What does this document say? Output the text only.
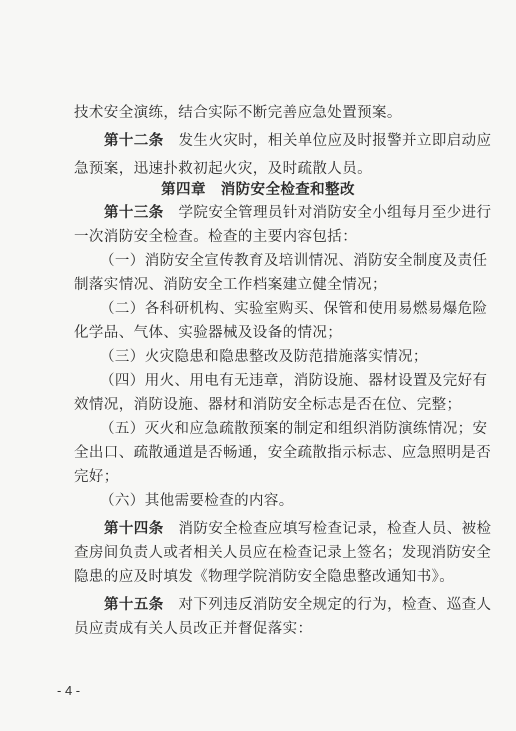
技术安全演练，结合实际不断完善应急处置预案。
第十二条　 发生火灾时，相关单位应及时报警并立即启动应
急预案，迅速扑救初起火灾，及时疏散人员。
第四章　消防安全检查和整改
第十三条　 学院安全管理员针对消防安全小组每月至少进行
一次消防安全检查。检查的主要内容包括：
（一）消防安全宣传教育及培训情况、消防安全制度及责任
制落实情况、消防安全工作档案建立健全情况；
（二）各科研机构、实验室购买、保管和使用易燃易爆危险
化学品、气体、实验器械及设备的情况；
（三）火灾隐患和隐患整改及防范措施落实情况；
（四）用火、用电有无违章，消防设施、器材设置及完好有
效情况，消防设施、器材和消防安全标志是否在位、完整；
（五）灭火和应急疏散预案的制定和组织消防演练情况；安
全出口、疏散通道是否畅通，安全疏散指示标志、应急照明是否
完好；
（六）其他需要检查的内容。
第十四条　 消防安全检查应填写检查记录，检查人员、被检
查房间负责人或者相关人员应在检查记录上签名；发现消防安全
隐患的应及时填发《物理学院消防安全隐患整改通知书》。
第十五条　 对下列违反消防安全规定的行为，检查、巡查人
员应责成有关人员改正并督促落实：
- 4 -
